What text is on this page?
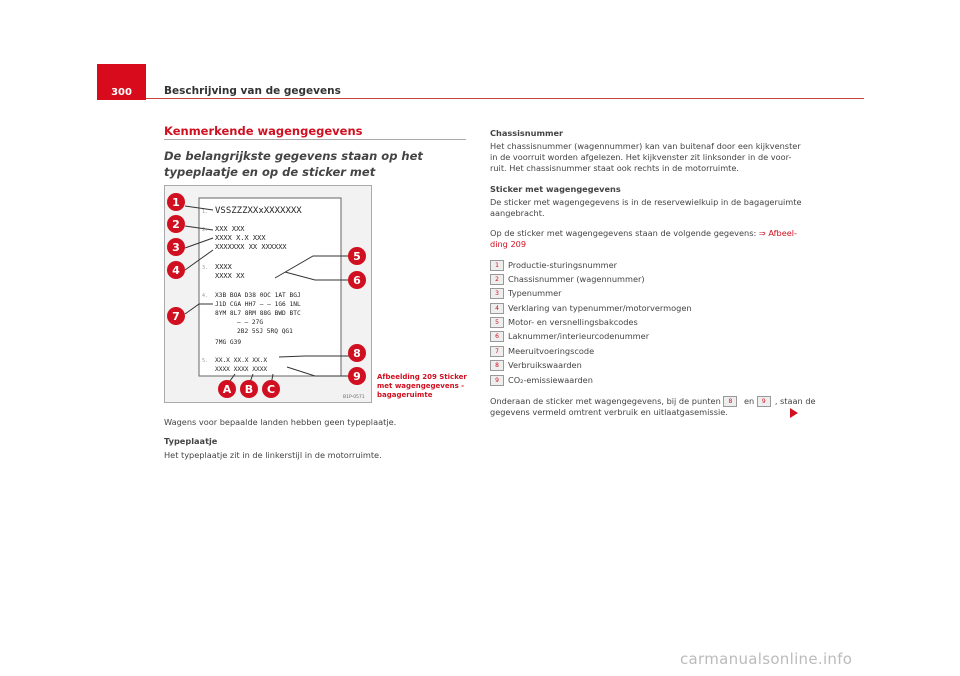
300	Beschrijving van de gegevens
Kenmerkende wagengegevens
De belangrijkste gegevens staan op het typeplaatje en op de sticker met
1. VSSZZZXXxXXXXXXX
2. XXX XXX
XXXX X.X XXX
XXXXXXX XX XXXXXX
3. XXXX
XXXX XX
4. X3B BOA D38 0OC 1AT BGJ
J1D CGA HH7 — — 1G6 1NL
8YM 8L7 8RM 88G BWD BTC
— — 27G
2B2 5SJ 5RQ QG1
7MG G39
5. XX.X XX.X XX.X
XXXX XXXX XXXX
1
2
3
4
7
5
6
8
9
A B C
B1P-0571
Afbeelding 209 Sticker met wagengegevens - bagageruimte
Wagens voor bepaalde landen hebben geen typeplaatje.
Typeplaatje
Het typeplaatje zit in de linkerstijl in de motorruimte.
Chassisnummer
Het chassisnummer (wagennummer) kan van buitenaf door een kijkvenster
in de voorruit worden afgelezen. Het kijkvenster zit linksonder in de voor-
ruit. Het chassisnummer staat ook rechts in de motorruimte.
Sticker met wagengegevens
De sticker met wagengegevens is in de reservewielkuip in de bagageruimte
aangebracht.
Op de sticker met wagengegevens staan de volgende gegevens: ⇒ Afbeel-
ding 209
1 Productie-sturingsnummer
2 Chassisnummer (wagennummer)
3 Typenummer
4 Verklaring van typenummer/motorvermogen
5 Motor- en versnellingsbakcodes
6 Laknummer/interieurcodenummer
7 Meeruitvoeringscode
8 Verbruikswaarden
9 CO₂-emissiewaarden
Onderaan de sticker met wagengegevens, bij de punten 8 en 9 , staan de
gegevens vermeld omtrent verbruik en uitlaatgasemissie.
carmanualsonline.info
